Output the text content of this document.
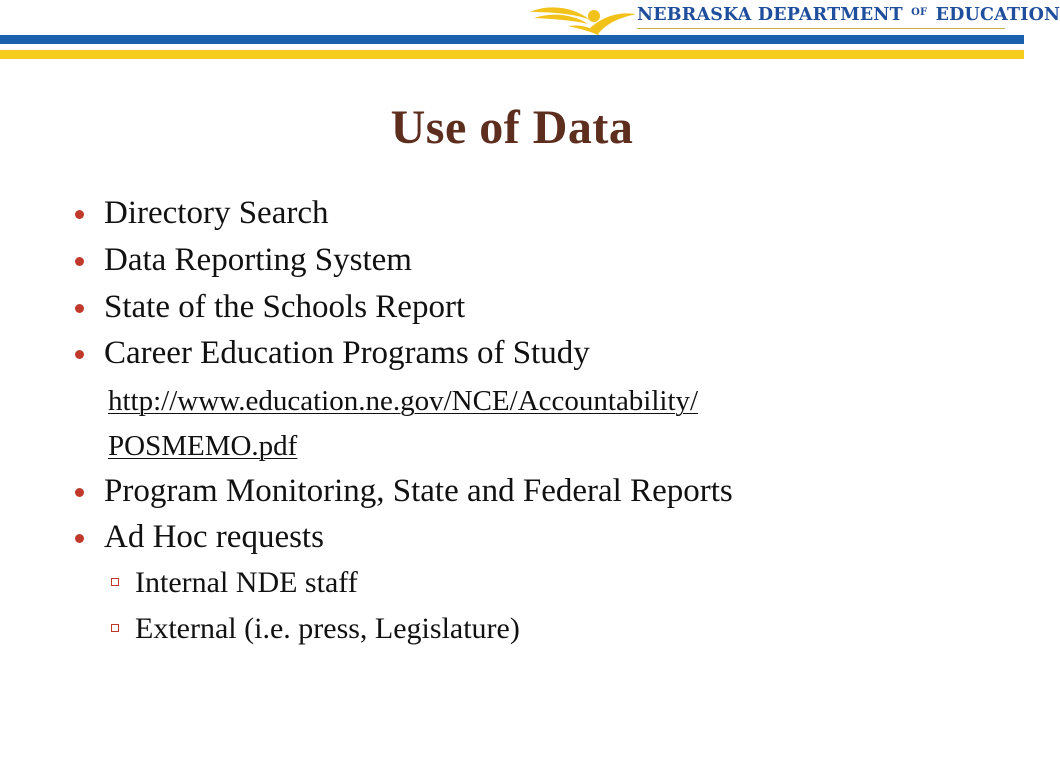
NEBRASKA DEPARTMENT $^{OF}$ EDUCATION
Use of Data
Directory Search
Data Reporting System
State of the Schools Report
Career Education Programs of Study
http://www.education.ne.gov/NCE/Accountability/
POSMEMO.pdf
Program Monitoring, State and Federal Reports
Ad Hoc requests
Internal NDE staff
External (i.e. press, Legislature)
